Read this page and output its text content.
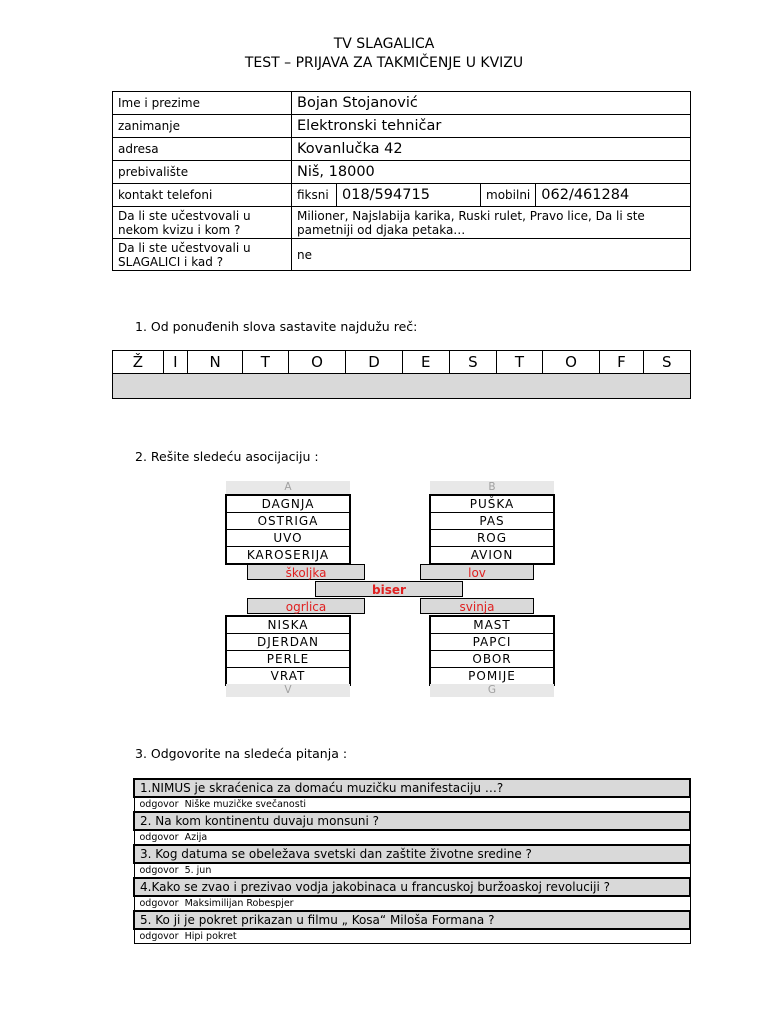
TV SLAGALICA
TEST – PRIJAVA ZA TAKMIČENJE U KVIZU
Ime i prezime	Bojan Stojanović			
zanimanje	Elektronski tehničar			
adresa	Kovanlučka 42			
prebivalište	Niš, 18000			
kontakt telefoni	fiksni	018/594715	mobilni	062/461284
Da li ste učestvovali u nekom kvizu i kom ?	Milioner, Najslabija karika, Ruski rulet, Pravo lice, Da li ste pametniji od djaka petaka…			
Da li ste učestvovali u SLAGALICI i kad ?	ne			
1. Od ponuđenih slova sastavite najdužu reč:
Ž	I	N	T	O	D	E	S	T	O	F	S

2. Rešite sledeću asocijaciju :
A
DAGNJA
OSTRIGA
UVO
KAROSERIJA
školjka
B
PUŠKA
PAS
ROG
AVION
lov
biser
ogrlica
NISKA
DJERDAN
PERLE
VRAT
V
svinja
MAST
PAPCI
OBOR
POMIJE
G
3. Odgovorite na sledeća pitanja :
1.NIMUS je skraćenica za domaću muzičku manifestaciju …?
odgovor Niške muzičke svečanosti
2. Na kom kontinentu duvaju monsuni ?
odgovor Azija
3. Kog datuma se obeležava svetski dan zaštite životne sredine ?
odgovor 5. jun
4.Kako se zvao i prezivao vodja jakobinaca u francuskoj buržoaskoj revoluciji ?
odgovor Maksimilijan Robespjer
5. Ko ji je pokret prikazan u filmu „ Kosa“ Miloša Formana ?
odgovor Hipi pokret
